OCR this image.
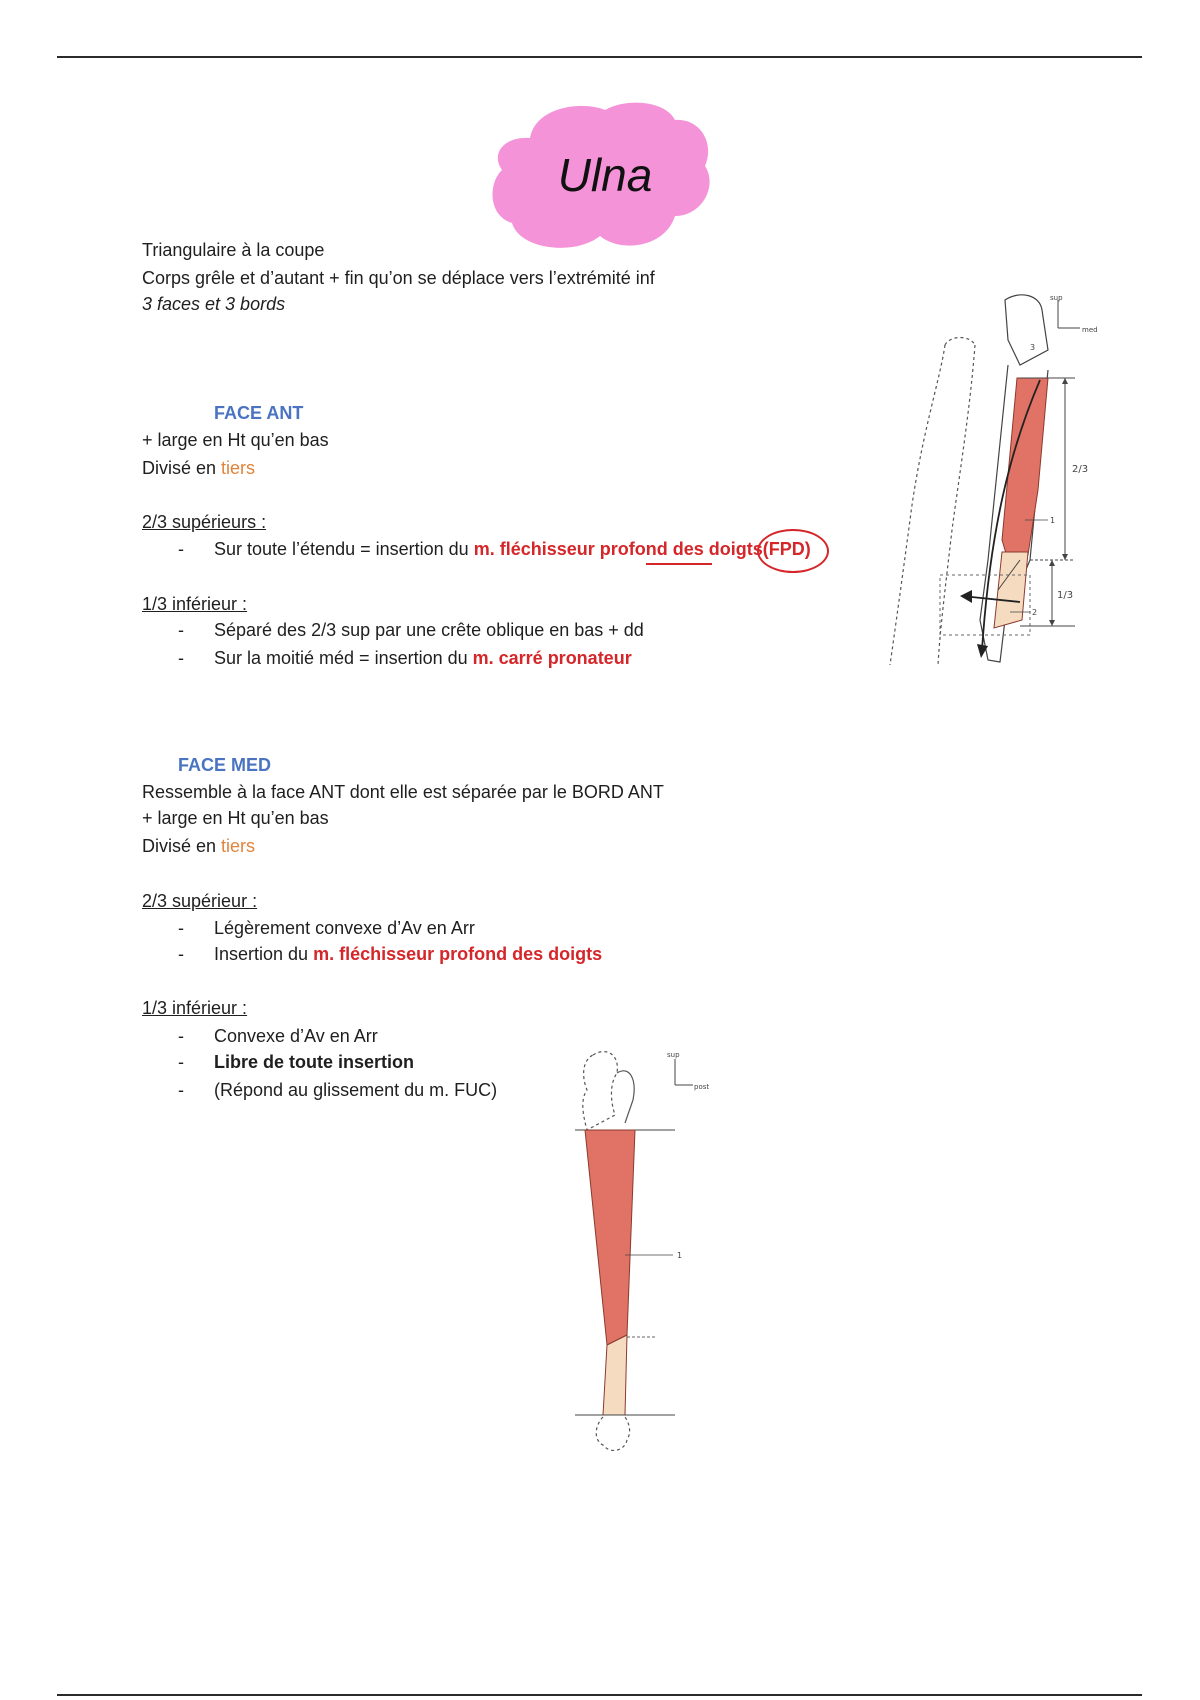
Ulna
Triangulaire à la coupe
Corps grêle et d’autant + fin qu’on se déplace vers l’extrémité inf
3 faces et 3 bords
FACE ANT
+ large en Ht qu’en bas
Divisé en tiers
2/3 supérieurs :
- Sur toute l’étendu = insertion du m. fléchisseur profond des doigts
(FPD)
1/3 inférieur :
- Séparé des 2/3 sup par une crête oblique en bas + dd
- Sur la moitié méd = insertion du m. carré pronateur
FACE MED
Ressemble à la face ANT dont elle est séparée par le BORD ANT
+ large en Ht qu’en bas
Divisé en tiers
2/3 supérieur :
- Légèrement convexe d’Av en Arr
- Insertion du m. fléchisseur profond des doigts
1/3 inférieur :
- Convexe d’Av en Arr
- Libre de toute insertion
- (Répond au glissement du m. FUC)
sup
med
2/3
1/3
3
1
2
1
sup
post
